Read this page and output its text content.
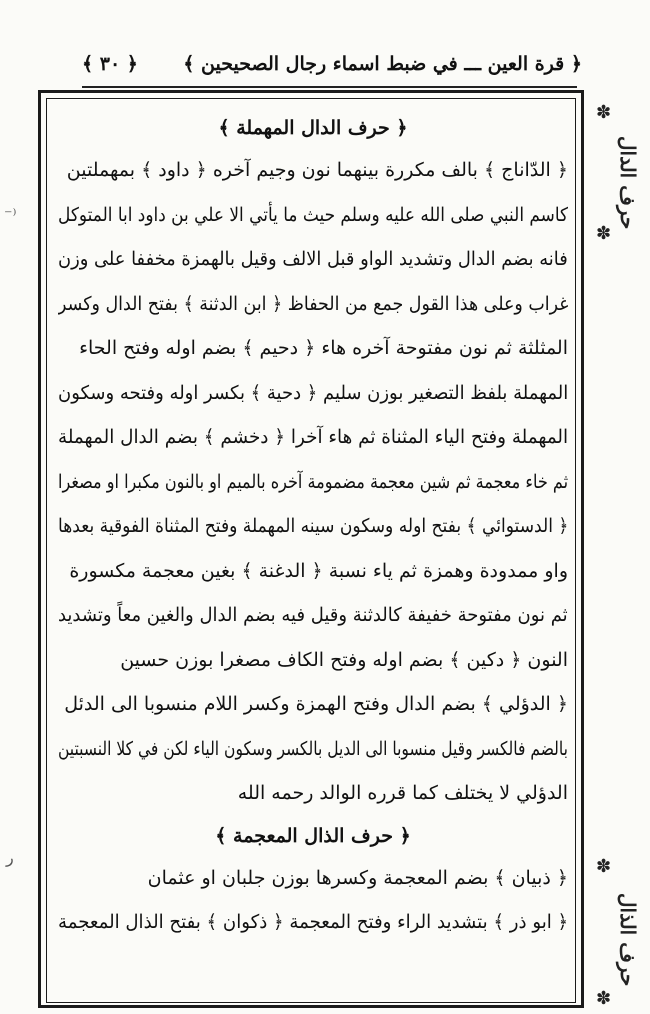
﴿ قرة العين ـــ في ضبط اسماء رجال الصحيحين ﴾
﴿ ٣٠ ﴾
✽
✽
✽
✽
حرف الدال
حرف الذال
⁻⁾
ر
﴿ حرف الدال المهملة ﴾
﴿ الدّاناج ﴾ بالف مكررة بينهما نون وجيم آخره ﴿ داود ﴾ بمهملتين
كاسم النبي صلى الله عليه وسلم حيث ما يأتي الا علي بن داود ابا المتوكل
فانه بضم الدال وتشديد الواو قبل الالف وقيل بالهمزة مخففا على وزن
غراب وعلى هذا القول جمع من الحفاظ ﴿ ابن الدثنة ﴾ بفتح الدال وكسر
المثلثة ثم نون مفتوحة آخره هاء ﴿ دحيم ﴾ بضم اوله وفتح الحاء
المهملة بلفظ التصغير بوزن سليم ﴿ دحية ﴾ بكسر اوله وفتحه وسكون
المهملة وفتح الياء المثناة ثم هاء آخرا ﴿ دخشم ﴾ بضم الدال المهملة
ثم خاء معجمة ثم شين معجمة مضمومة آخره بالميم او بالنون مكبرا او مصغرا
﴿ الدستوائي ﴾ بفتح اوله وسكون سينه المهملة وفتح المثناة الفوقية بعدها
واو ممدودة وهمزة ثم ياء نسبة ﴿ الدغنة ﴾ بغين معجمة مكسورة
ثم نون مفتوحة خفيفة كالدثنة وقيل فيه بضم الدال والغين معاً وتشديد
النون ﴿ دكين ﴾ بضم اوله وفتح الكاف مصغرا بوزن حسين
﴿ الدؤلي ﴾ بضم الدال وفتح الهمزة وكسر اللام منسوبا الى الدئل
بالضم فالكسر وقيل منسوبا الى الديل بالكسر وسكون الياء لكن في كلا النسبتين
الدؤلي لا يختلف كما قرره الوالد رحمه الله
﴿ حرف الذال المعجمة ﴾
﴿ ذبيان ﴾ بضم المعجمة وكسرها بوزن جلبان او عثمان
﴿ ابو ذر ﴾ بتشديد الراء وفتح المعجمة ﴿ ذكوان ﴾ بفتح الذال المعجمة
